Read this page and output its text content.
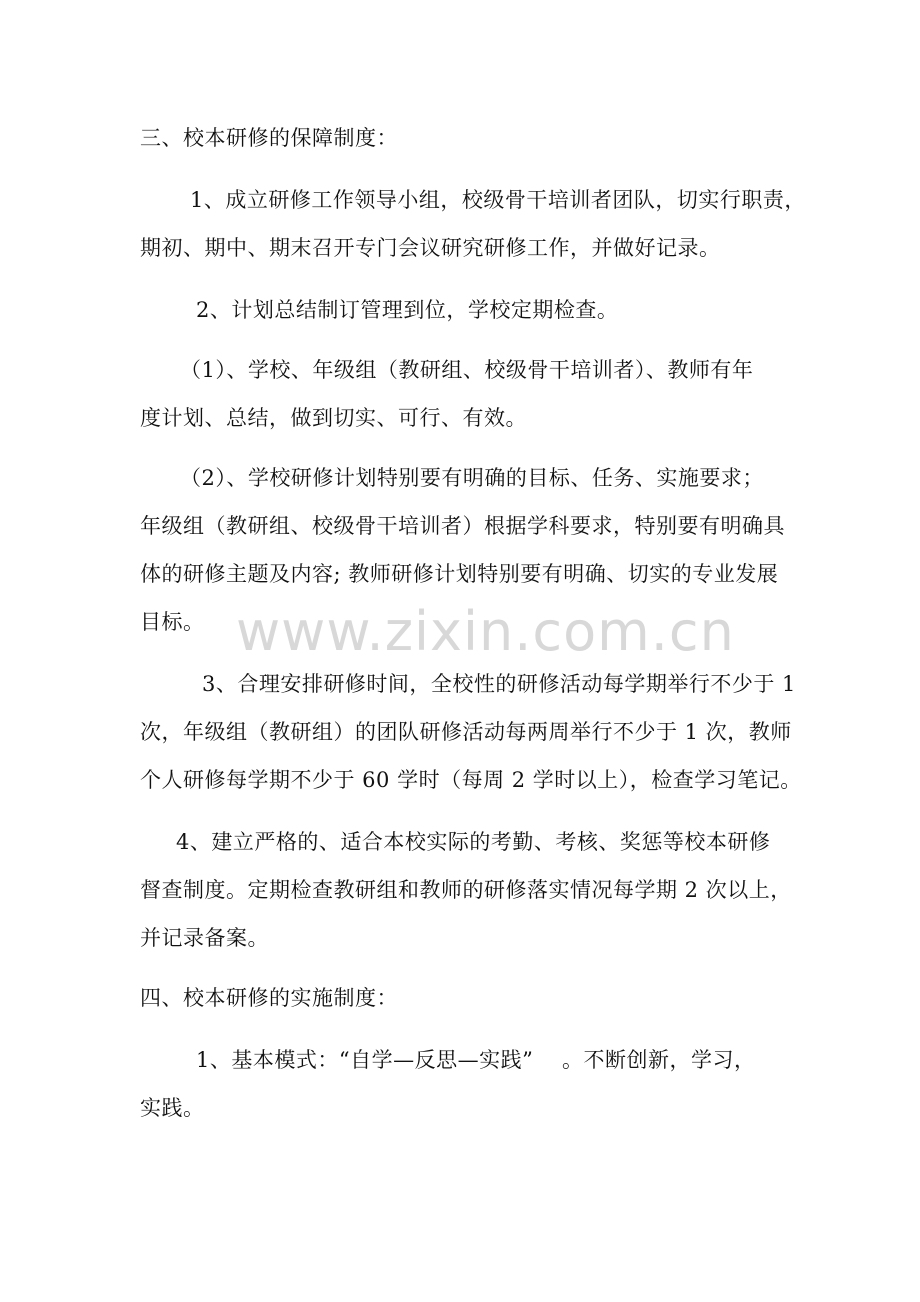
www.zixin.com.cn
三、校本研修的保障制度：
1、成立研修工作领导小组，校级骨干培训者团队，切实行职责，
期初、期中、期末召开专门会议研究研修工作，并做好记录。
2、计划总结制订管理到位，学校定期检查。
（1）、学校、年级组（教研组、校级骨干培训者）、教师有年
度计划、总结，做到切实、可行、有效。
（2）、学校研修计划特别要有明确的目标、任务、实施要求；
年级组（教研组、校级骨干培训者）根据学科要求，特别要有明确具
体的研修主题及内容; 教师研修计划特别要有明确、切实的专业发展
目标。
3、合理安排研修时间，全校性的研修活动每学期举行不少于 1
次，年级组（教研组）的团队研修活动每两周举行不少于 1 次，教师
个人研修每学期不少于 60 学时（每周 2 学时以上），检查学习笔记。
4、建立严格的、适合本校实际的考勤、考核、奖惩等校本研修
督查制度。定期检查教研组和教师的研修落实情况每学期 2 次以上，
并记录备案。
四、校本研修的实施制度：
1、基本模式：“自学—反思—实践”　 。不断创新，学习，
实践。
